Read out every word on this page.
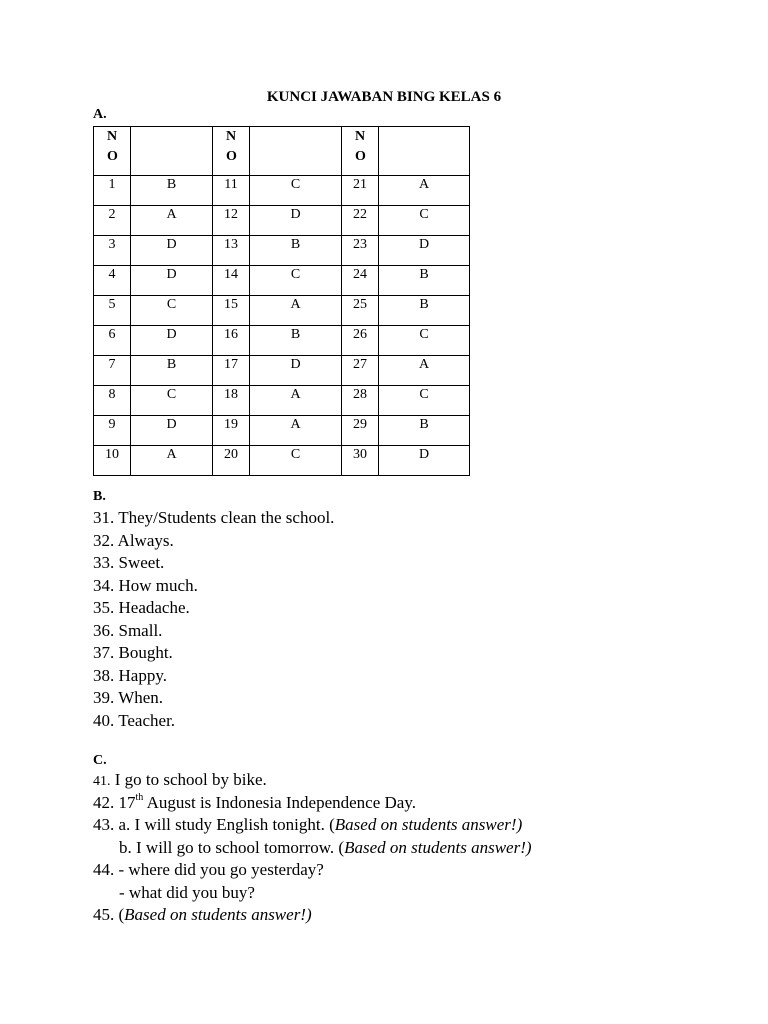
KUNCI JAWABAN BING KELAS 6
A.
NO		NO		NO	
1	B	11	C	21	A
2	A	12	D	22	C
3	D	13	B	23	D
4	D	14	C	24	B
5	C	15	A	25	B
6	D	16	B	26	C
7	B	17	D	27	A
8	C	18	A	28	C
9	D	19	A	29	B
10	A	20	C	30	D
B.
31. They/Students clean the school.
32. Always.
33. Sweet.
34. How much.
35. Headache.
36. Small.
37. Bought.
38. Happy.
39. When.
40. Teacher.
C.
41. I go to school by bike.
42. 17th August is Indonesia Independence Day.
43. a. I will study English tonight. (Based on students answer!)
b. I will go to school tomorrow. (Based on students answer!)
44. - where did you go yesterday?
- what did you buy?
45. (Based on students answer!)
